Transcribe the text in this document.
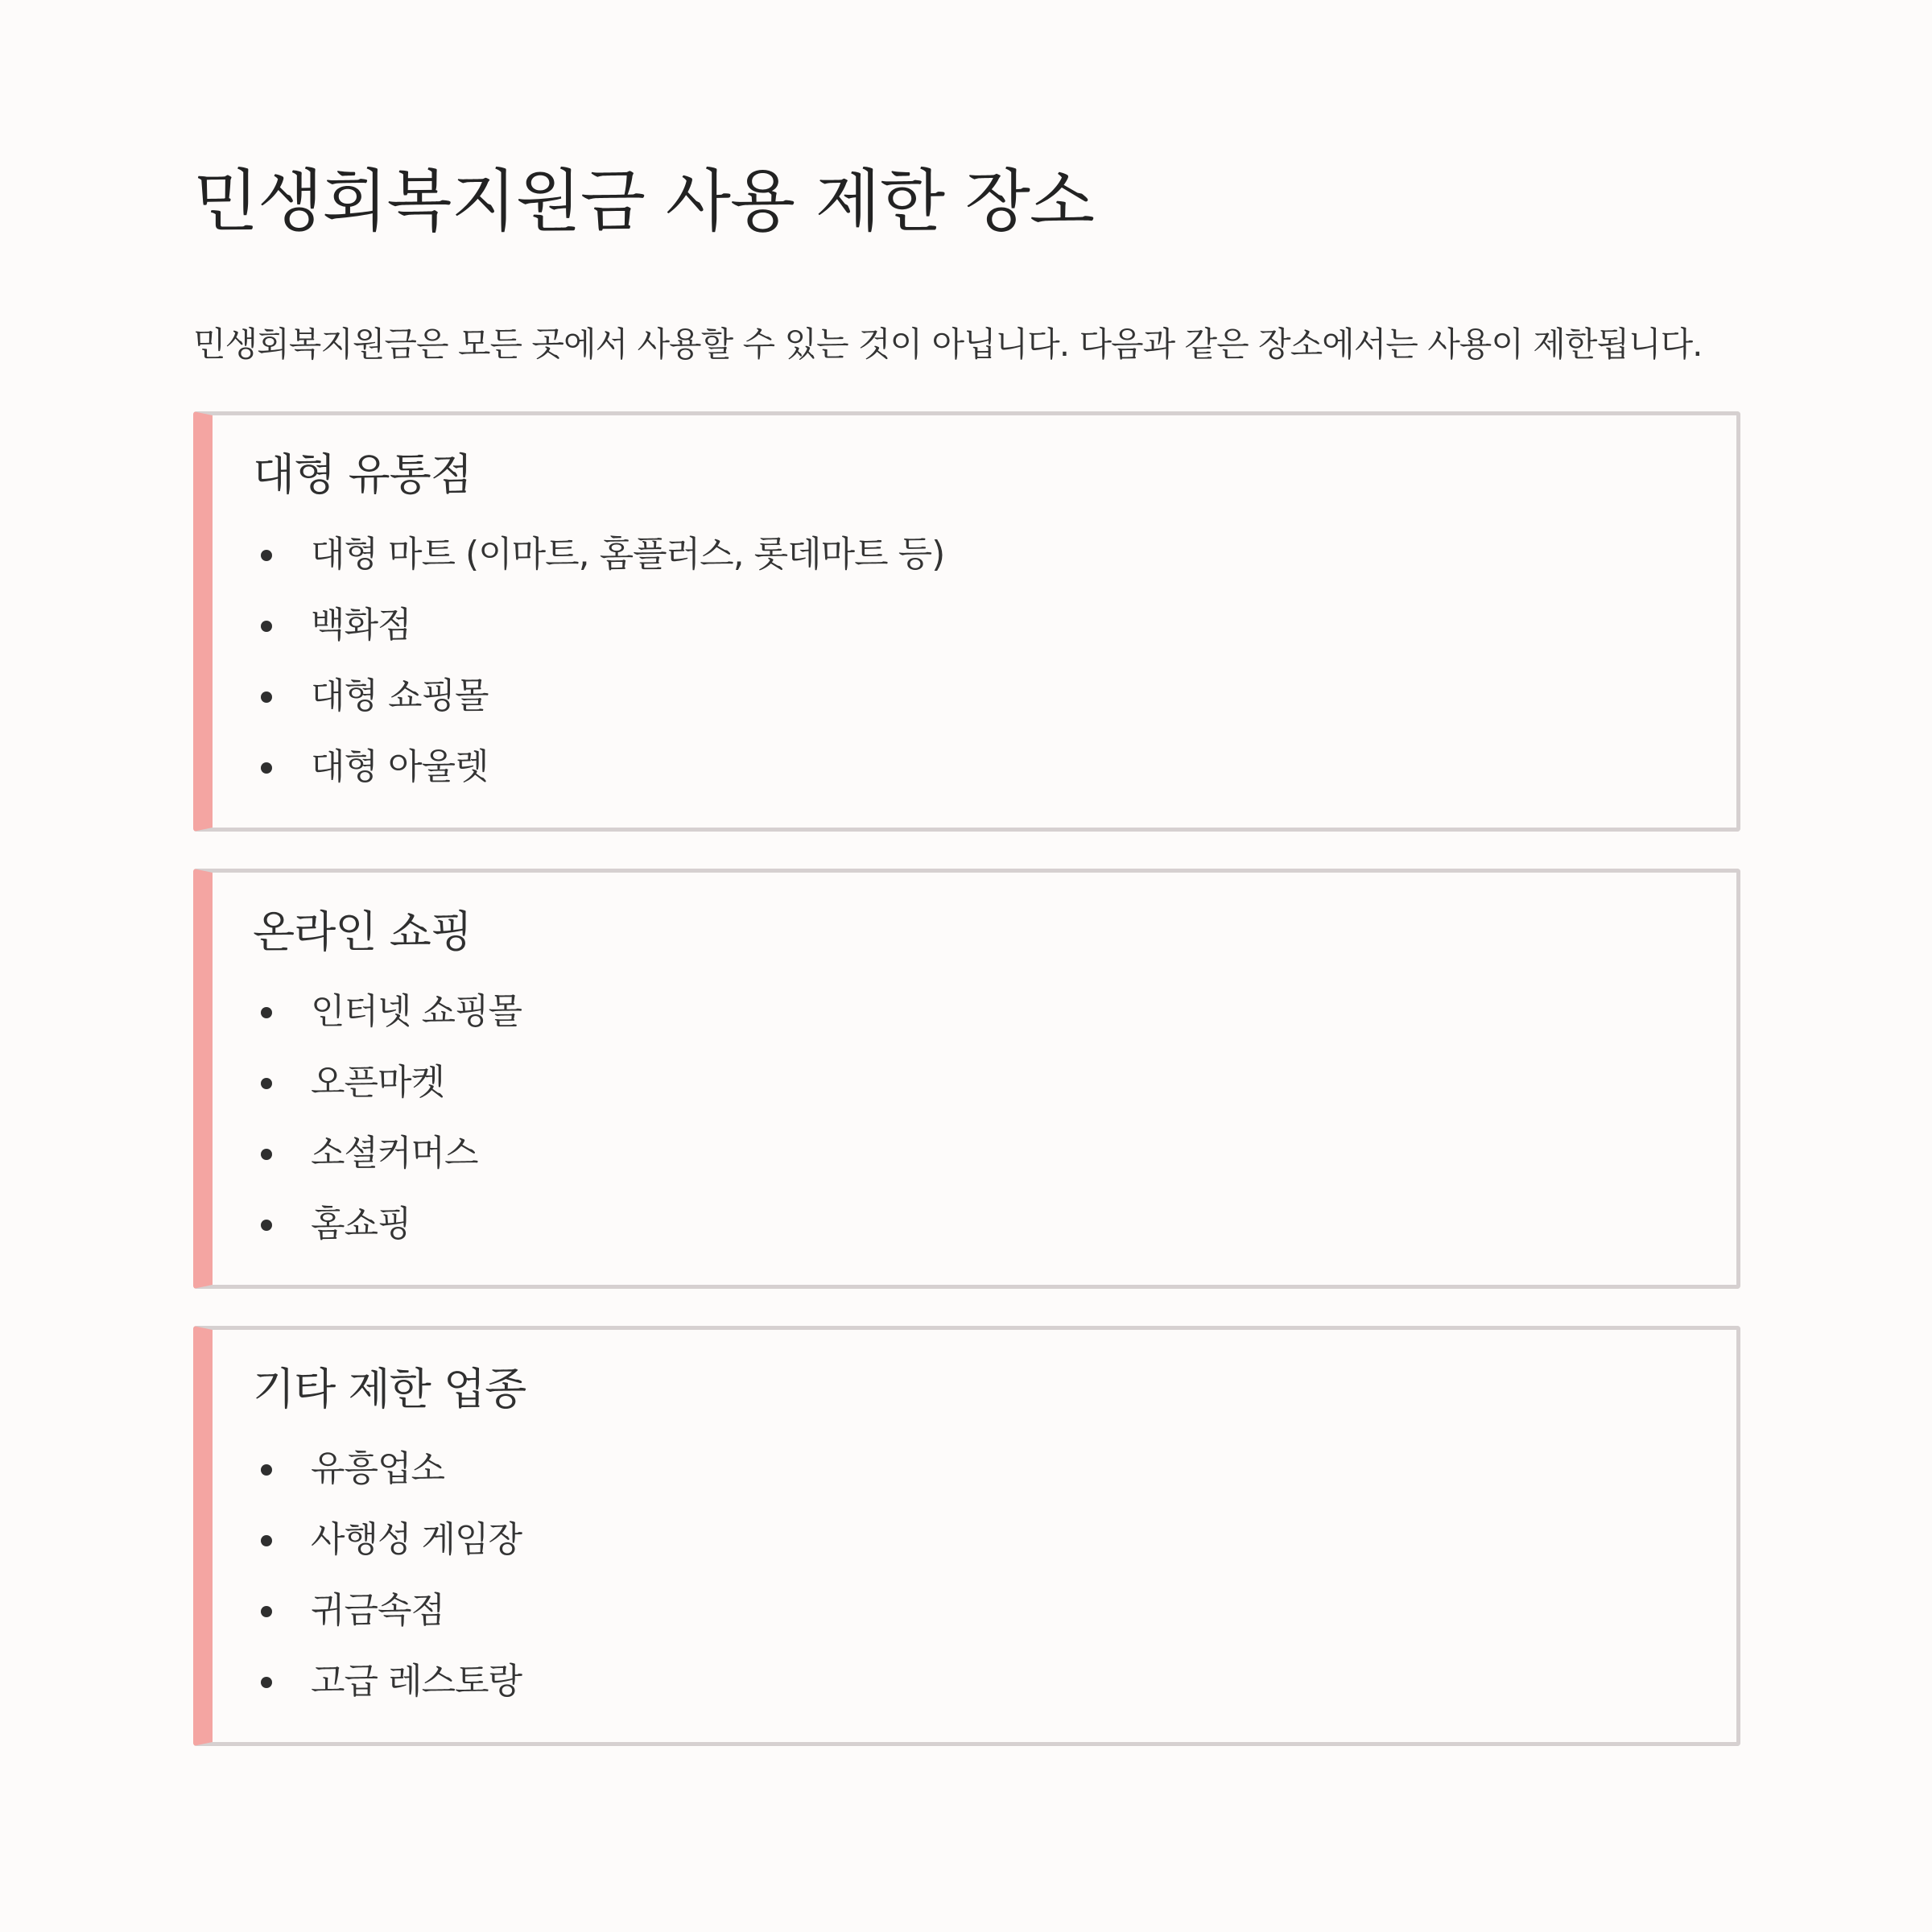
민생회복지원금 사용 제한 장소

민생회복지원금은 모든 곳에서 사용할 수 있는 것이 아닙니다. 다음과 같은 장소에서는 사용이 제한됩니다.

대형 유통점
대형 마트 (이마트, 홈플러스, 롯데마트 등)
백화점
대형 쇼핑몰
대형 아울렛
온라인 쇼핑
인터넷 쇼핑몰
오픈마켓
소셜커머스
홈쇼핑
기타 제한 업종
유흥업소
사행성 게임장
귀금속점
고급 레스토랑
